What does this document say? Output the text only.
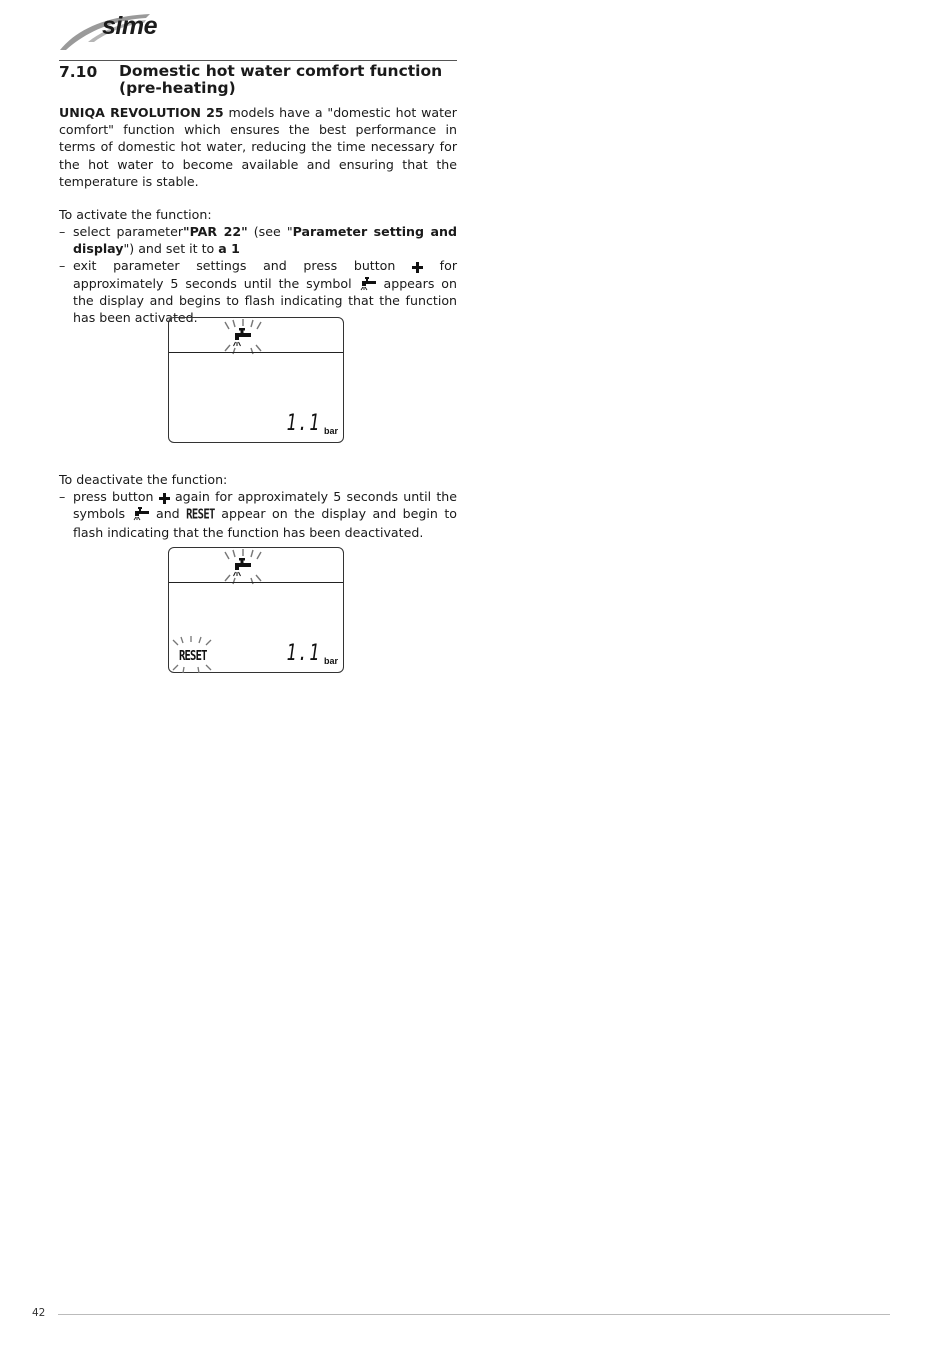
sime
7.10 Domestic hot water comfort function (pre-heating)
UNIQA REVOLUTION 25 models have a "domestic hot water comfort" function which ensures the best performance in terms of domestic hot water, reducing the time necessary for the hot water to become available and ensuring that the temperature is stable.
To activate the function:
– select parameter"PAR 22" (see "Parameter setting and display") and set it to a 1
– exit parameter settings and press button  for approximately 5 seconds until the symbol  appears on the display and begins to flash indicating that the function has been activated.
1.1 bar
To deactivate the function:
– press button  again for approximately 5 seconds until the symbols  and RESET appear on the display and begin to flash indicating that the function has been deactivated.
RESET	1.1 bar
42
